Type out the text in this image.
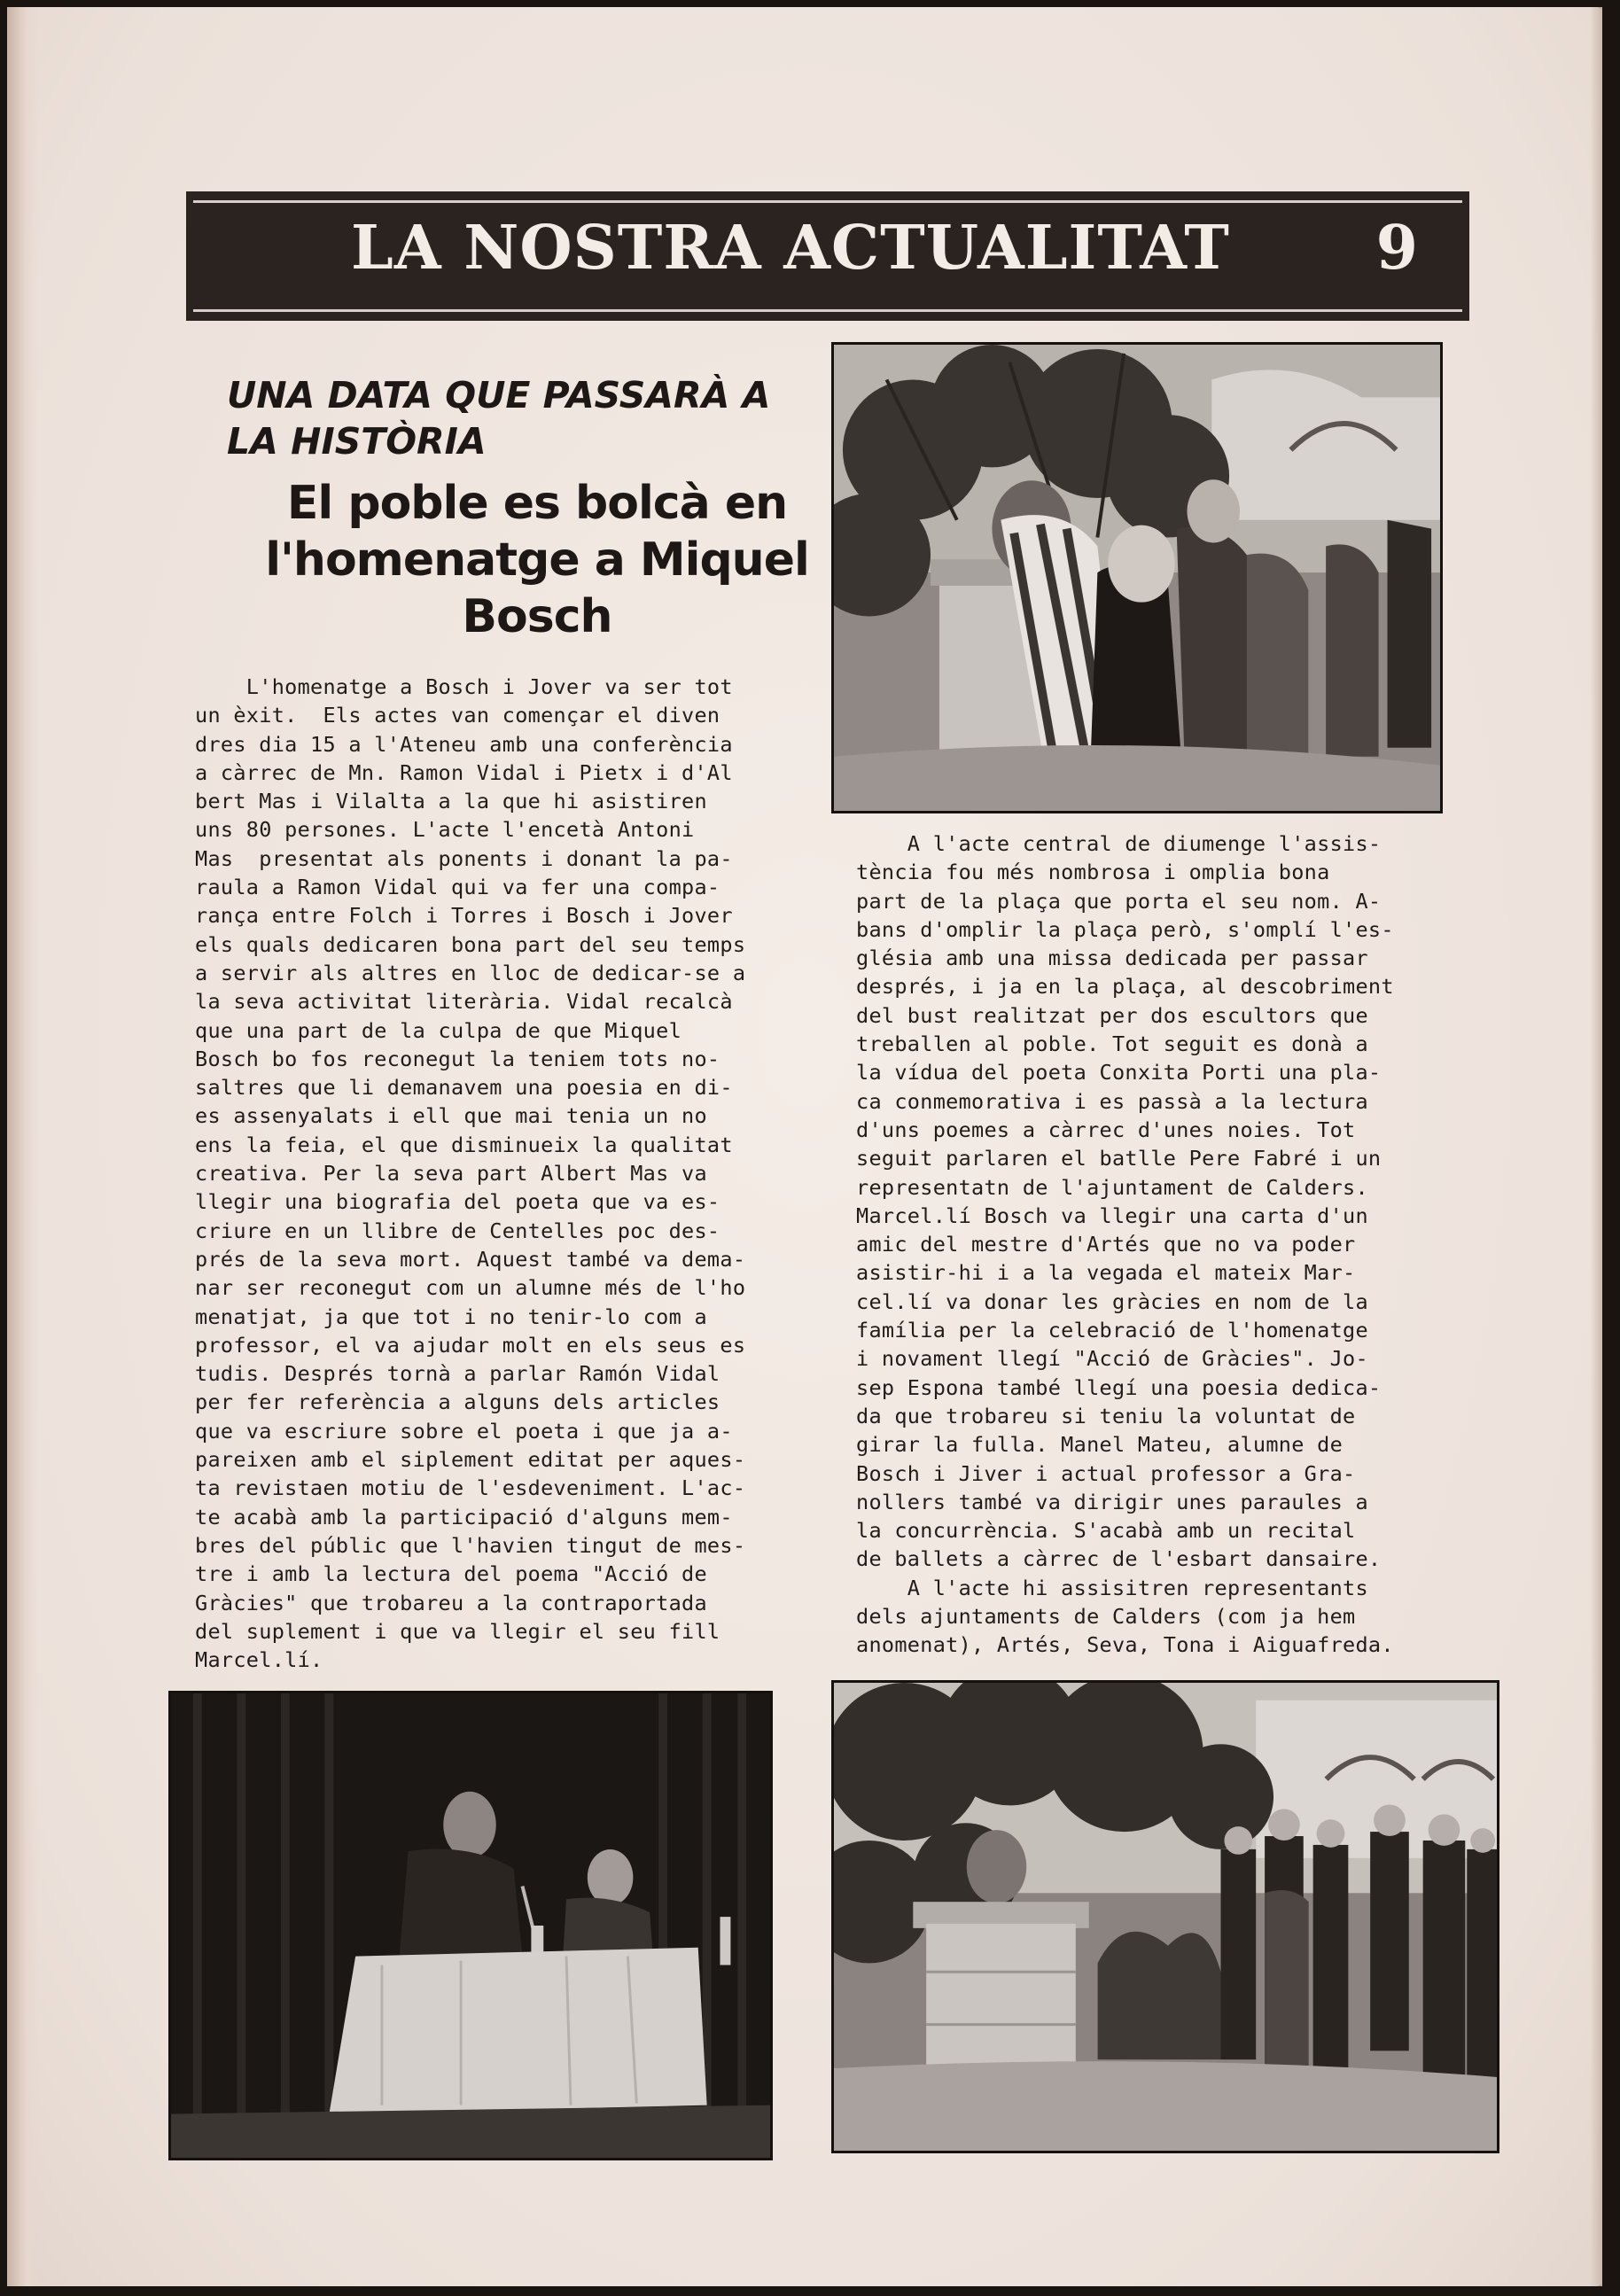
LA NOSTRA ACTUALITAT 9
UNA DATA QUE PASSARÀ A LA HISTÒRIA
El poble es bolcà en l'homenatge a Miquel Bosch
L'homenatge a Bosch i Jover va ser tot
un èxit.  Els actes van començar el diven
dres dia 15 a l'Ateneu amb una conferència
a càrrec de Mn. Ramon Vidal i Pietx i d'Al
bert Mas i Vilalta a la que hi asistiren
uns 80 persones. L'acte l'encetà Antoni
Mas  presentat als ponents i donant la pa-
raula a Ramon Vidal qui va fer una compa-
rança entre Folch i Torres i Bosch i Jover
els quals dedicaren bona part del seu temps
a servir als altres en lloc de dedicar-se a
la seva activitat literària. Vidal recalcà
que una part de la culpa de que Miquel
Bosch bo fos reconegut la teniem tots no-
saltres que li demanavem una poesia en di-
es assenyalats i ell que mai tenia un no
ens la feia, el que disminueix la qualitat
creativa. Per la seva part Albert Mas va
llegir una biografia del poeta que va es-
criure en un llibre de Centelles poc des-
prés de la seva mort. Aquest també va dema-
nar ser reconegut com un alumne més de l'ho
menatjat, ja que tot i no tenir-lo com a
professor, el va ajudar molt en els seus es
tudis. Després tornà a parlar Ramón Vidal
per fer referència a alguns dels articles
que va escriure sobre el poeta i que ja a-
pareixen amb el siplement editat per aques-
ta revistaen motiu de l'esdeveniment. L'ac-
te acabà amb la participació d'alguns mem-
bres del públic que l'havien tingut de mes-
tre i amb la lectura del poema "Acció de
Gràcies" que trobareu a la contraportada
del suplement i que va llegir el seu fill
Marcel.lí.
A l'acte central de diumenge l'assis-
tència fou més nombrosa i omplia bona
part de la plaça que porta el seu nom. A-
bans d'omplir la plaça però, s'omplí l'es-
glésia amb una missa dedicada per passar
després, i ja en la plaça, al descobriment
del bust realitzat per dos escultors que
treballen al poble. Tot seguit es donà a
la vídua del poeta Conxita Porti una pla-
ca conmemorativa i es passà a la lectura
d'uns poemes a càrrec d'unes noies. Tot
seguit parlaren el batlle Pere Fabré i un
representatn de l'ajuntament de Calders.
Marcel.lí Bosch va llegir una carta d'un
amic del mestre d'Artés que no va poder
asistir-hi i a la vegada el mateix Mar-
cel.lí va donar les gràcies en nom de la
família per la celebració de l'homenatge
i novament llegí "Acció de Gràcies". Jo-
sep Espona també llegí una poesia dedica-
da que trobareu si teniu la voluntat de
girar la fulla. Manel Mateu, alumne de
Bosch i Jiver i actual professor a Gra-
nollers també va dirigir unes paraules a
la concurrència. S'acabà amb un recital
de ballets a càrrec de l'esbart dansaire.
A l'acte hi assisitren representants
dels ajuntaments de Calders (com ja hem
anomenat), Artés, Seva, Tona i Aiguafreda.
